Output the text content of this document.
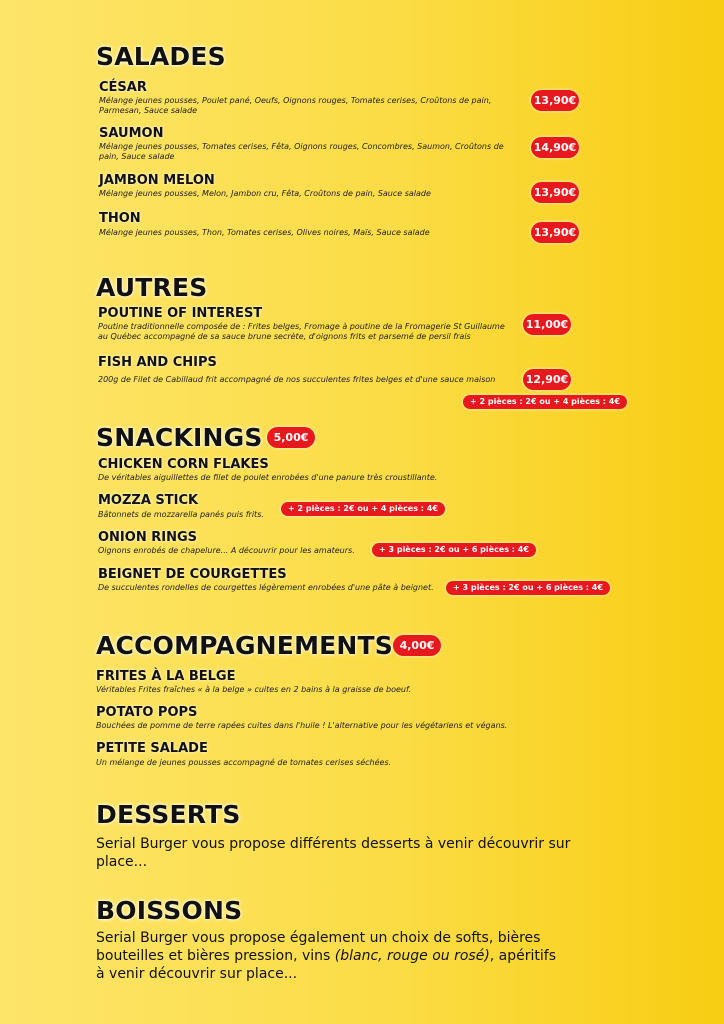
SALADES
CÉSAR
Mélange jeunes pousses, Poulet pané, Oeufs, Oignons rouges, Tomates cerises, Croûtons de pain,
Parmesan, Sauce salade
13,90€
SAUMON
Mélange jeunes pousses, Tomates cerises, Fêta, Oignons rouges, Concombres, Saumon, Croûtons de
pain, Sauce salade
14,90€
JAMBON MELON
Mélange jeunes pousses, Melon, Jambon cru, Fêta, Croûtons de pain, Sauce salade	13,90€
THON
Mélange jeunes pousses, Thon, Tomates cerises, Olives noires, Maïs, Sauce salade	13,90€
AUTRES
POUTINE OF INTEREST
Poutine traditionnelle composée de : Frites belges, Fromage à poutine de la Fromagerie St Guillaume
au Québec accompagné de sa sauce brune secrète, d'oignons frits et parsemé de persil frais
11,00€
FISH AND CHIPS
200g de Filet de Cabillaud frit accompagné de nos succulentes frites belges et d'une sauce maison	12,90€
+ 2 pièces : 2€ ou + 4 pièces : 4€
SNACKINGS	5,00€
CHICKEN CORN FLAKES
De véritables aiguillettes de filet de poulet enrobées d'une panure très croustillante.
MOZZA STICK
Bâtonnets de mozzarella panés puis frits.
+ 2 pièces : 2€ ou + 4 pièces : 4€
ONION RINGS
Oignons enrobés de chapelure... A découvrir pour les amateurs.	+ 3 pièces : 2€ ou + 6 pièces : 4€
BEIGNET DE COURGETTES
De succulentes rondelles de courgettes légèrement enrobées d'une pâte à beignet.	+ 3 pièces : 2€ ou + 6 pièces : 4€
ACCOMPAGNEMENTS 4,00€
FRITES À LA BELGE
Véritables Frites fraîches « à la belge » cuites en 2 bains à la graisse de boeuf.
POTATO POPS
Bouchées de pomme de terre rapées cuites dans l'huile ! L'alternative pour les végétariens et végans.
PETITE SALADE
Un mélange de jeunes pousses accompagné de tomates cerises séchées.
DESSERTS
Serial Burger vous propose différents desserts à venir découvrir sur
place...
BOISSONS
Serial Burger vous propose également un choix de softs, bières
bouteilles et bières pression, vins (blanc, rouge ou rosé), apéritifs
à venir découvrir sur place...
